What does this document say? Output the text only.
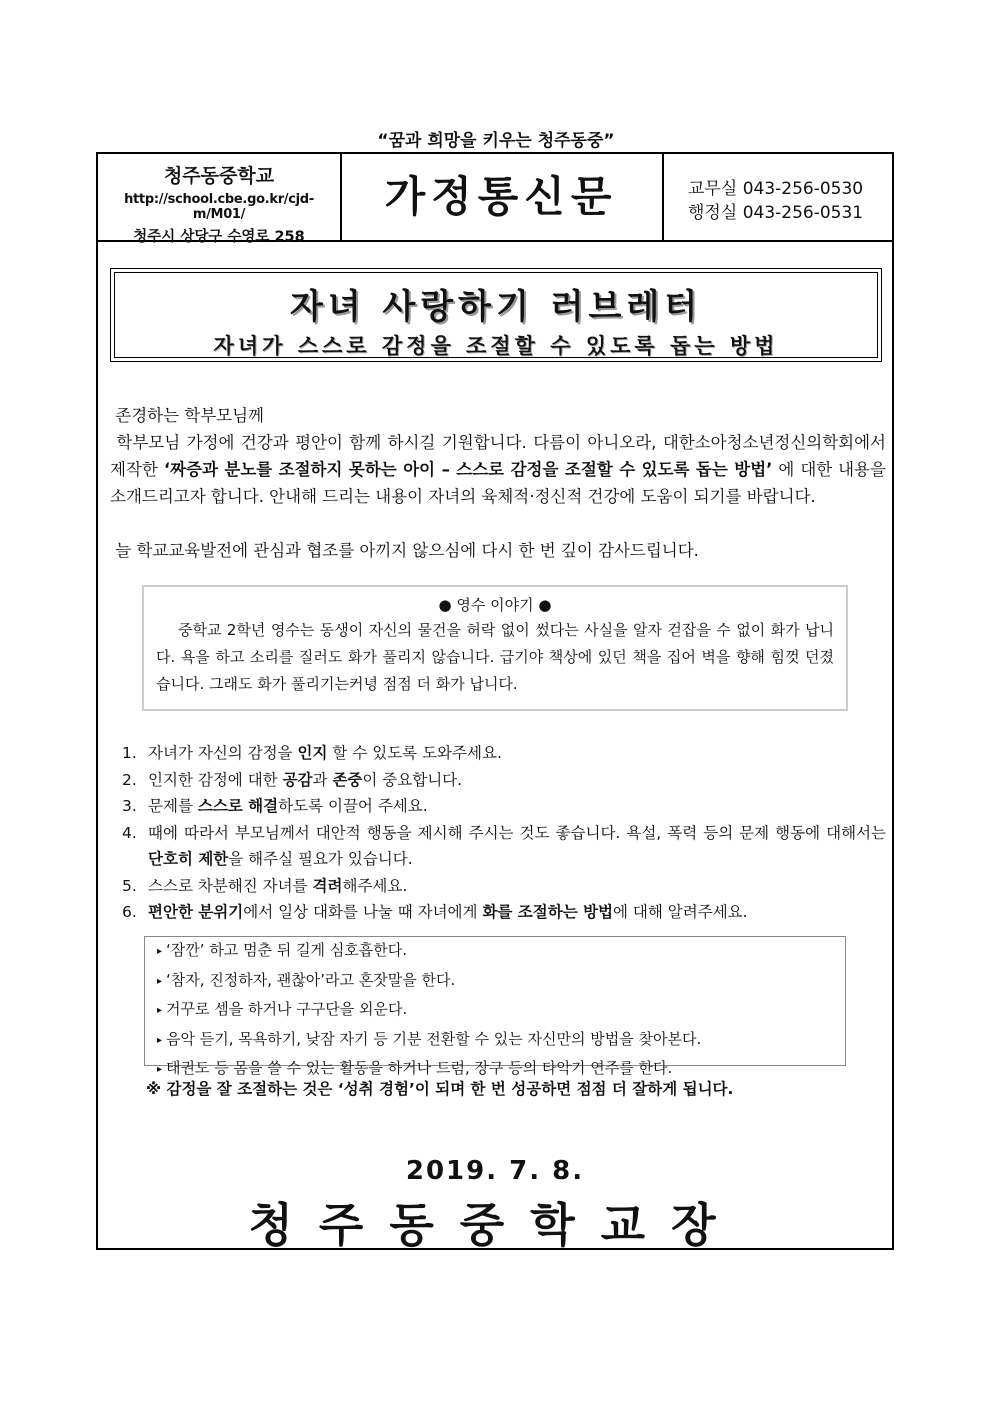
“꿈과 희망을 키우는 청주동중”
청주동중학교
http://school.cbe.go.kr/cjd-m/M01/
청주시 상당구 수영로 258
가정통신문	교무실 043-256-0530
행정실 043-256-0531
자녀 사랑하기 러브레터
자녀가 스스로 감정을 조절할 수 있도록 돕는 방법
존경하는 학부모님께
학부모님 가정에 건강과 평안이 함께 하시길 기원합니다. 다름이 아니오라, 대한소아청소년정신의학회에서 제작한 ‘짜증과 분노를 조절하지 못하는 아이 – 스스로 감정을 조절할 수 있도록 돕는 방법’ 에 대한 내용을 소개드리고자 합니다. 안내해 드리는 내용이 자녀의 육체적·정신적 건강에 도움이 되기를 바랍니다.
늘 학교교육발전에 관심과 협조를 아끼지 않으심에 다시 한 번 깊이 감사드립니다.
● 영수 이야기 ●
중학교 2학년 영수는 동생이 자신의 물건을 허락 없이 썼다는 사실을 알자 걷잡을 수 없이 화가 납니다. 욕을 하고 소리를 질러도 화가 풀리지 않습니다. 급기야 책상에 있던 책을 집어 벽을 향해 힘껏 던졌습니다. 그래도 화가 풀리기는커녕 점점 더 화가 납니다.
1. 자녀가 자신의 감정을 인지 할 수 있도록 도와주세요.
2. 인지한 감정에 대한 공감과 존중이 중요합니다.
3. 문제를 스스로 해결하도록 이끌어 주세요.
4. 때에 따라서 부모님께서 대안적 행동을 제시해 주시는 것도 좋습니다. 욕설, 폭력 등의 문제 행동에 대해서는 단호히 제한을 해주실 필요가 있습니다.
5. 스스로 차분해진 자녀를 격려해주세요.
6. 편안한 분위기에서 일상 대화를 나눌 때 자녀에게 화를 조절하는 방법에 대해 알려주세요.
▸ ‘잠깐’ 하고 멈춘 뒤 길게 심호흡한다.
▸ ‘참자, 진정하자, 괜찮아’라고 혼잣말을 한다.
▸ 거꾸로 셈을 하거나 구구단을 외운다.
▸ 음악 듣기, 목욕하기, 낮잠 자기 등 기분 전환할 수 있는 자신만의 방법을 찾아본다.
▸ 태권도 등 몸을 쓸 수 있는 활동을 하거나 드럼, 장구 등의 타악기 연주를 한다.
※ 감정을 잘 조절하는 것은 ‘성취 경험’이 되며 한 번 성공하면 점점 더 잘하게 됩니다.
2019. 7. 8.
청주동중학교장
